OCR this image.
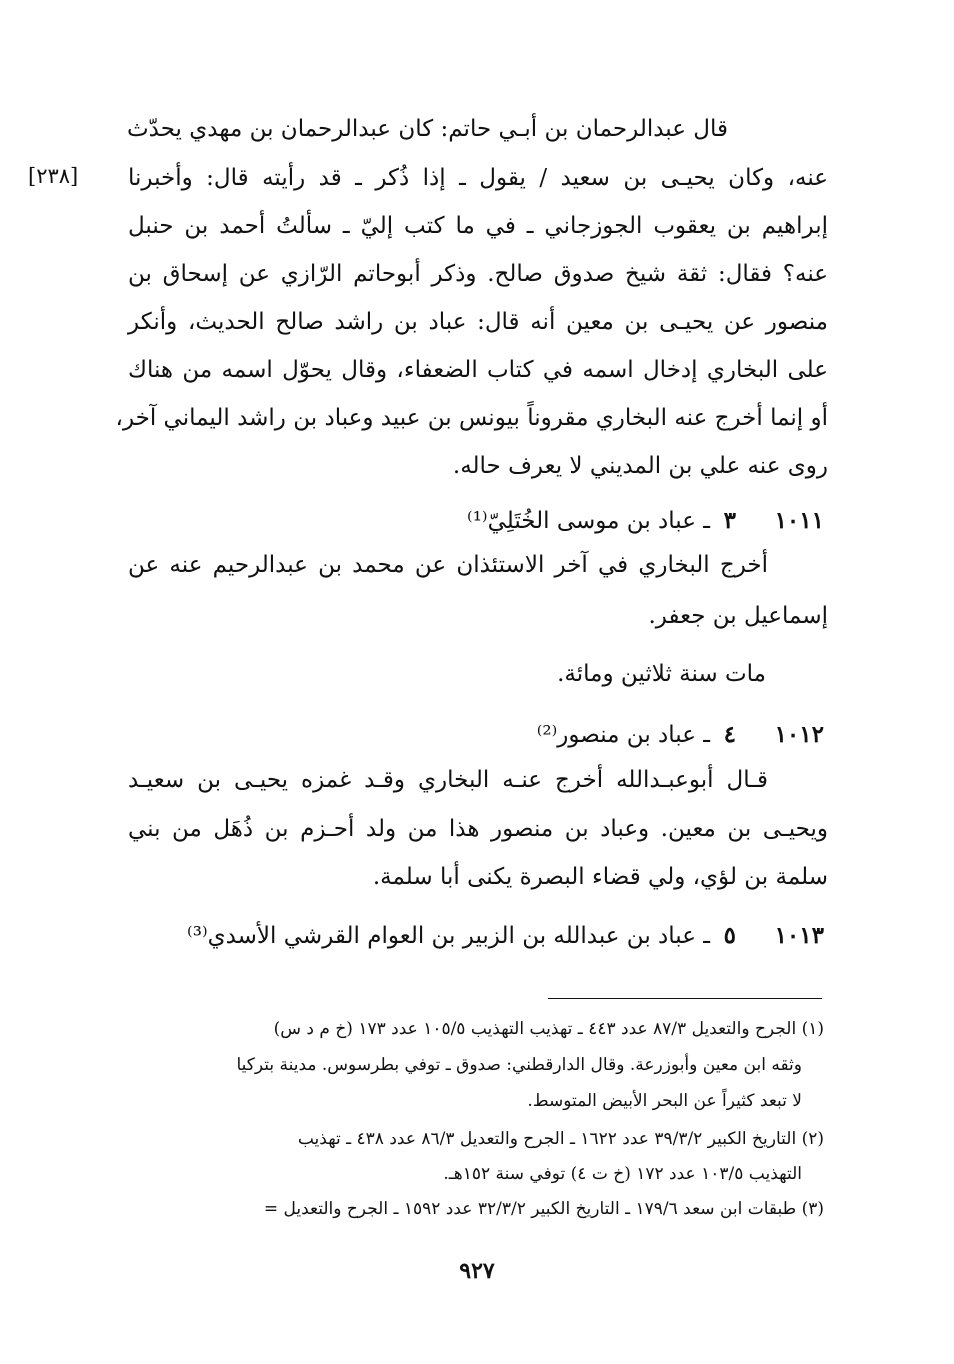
قال عبدالرحمان بن أبـي حاتم: كان عبدالرحمان بن مهدي يحدّث
عنه، وكان يحيـى بن سعيد / يقول ـ إذا ذُكر ـ قد رأيته قال: وأخبرنا
[٢٣٨]
إبراهيم بن يعقوب الجوزجاني ـ في ما كتب إليّ ـ سألتُ أحمد بن حنبل
عنه؟ فقال: ثقة شيخ صدوق صالح. وذكر أبوحاتم الرّازي عن إسحاق بن
منصور عن يحيـى بن معين أنه قال: عباد بن راشد صالح الحديث، وأنكر
على البخاري إدخال اسمه في كتاب الضعفاء، وقال يحوّل اسمه من هناك
أو إنما أخرج عنه البخاري مقروناً بيونس بن عبيد وعباد بن راشد اليماني آخر،
روى عنه علي بن المديني لا يعرف حاله.
١٠١١
٣
ـ عباد بن موسى الخُتَلِيّ⁽¹⁾
أخرج البخاري في آخر الاستئذان عن محمد بن عبدالرحيم عنه عن
إسماعيل بن جعفر.
مات سنة ثلاثين ومائة.
١٠١٢
٤
ـ عباد بن منصور⁽²⁾
قـال أبوعبـدالله أخرج عنـه البخاري وقـد غمزه يحيـى بن سعيـد
ويحيـى بن معين. وعباد بن منصور هذا من ولد أحـزم بن ذُهَل من بني
سلمة بن لؤي، ولي قضاء البصرة يكنى أبا سلمة.
١٠١٣
٥
ـ عباد بن عبدالله بن الزبير بن العوام القرشي الأسدي⁽³⁾
(١) الجرح والتعديل ٨٧/٣ عدد ٤٤٣ ـ تهذيب التهذيب ١٠٥/٥ عدد ١٧٣ (خ م د س)
وثقه ابن معين وأبوزرعة. وقال الدارقطني: صدوق ـ توفي بطرسوس. مدينة بتركيا
لا تبعد كثيراً عن البحر الأبيض المتوسط.
(٢) التاريخ الكبير ٣٩/٣/٢ عدد ١٦٢٢ ـ الجرح والتعديل ٨٦/٣ عدد ٤٣٨ ـ تهذيب
التهذيب ١٠٣/٥ عدد ١٧٢ (خ ت ٤) توفي سنة ١٥٢هـ.
(٣) طبقات ابن سعد ١٧٩/٦ ـ التاريخ الكبير ٣٢/٣/٢ عدد ١٥٩٢ ـ الجرح والتعديل =
٩٢٧
